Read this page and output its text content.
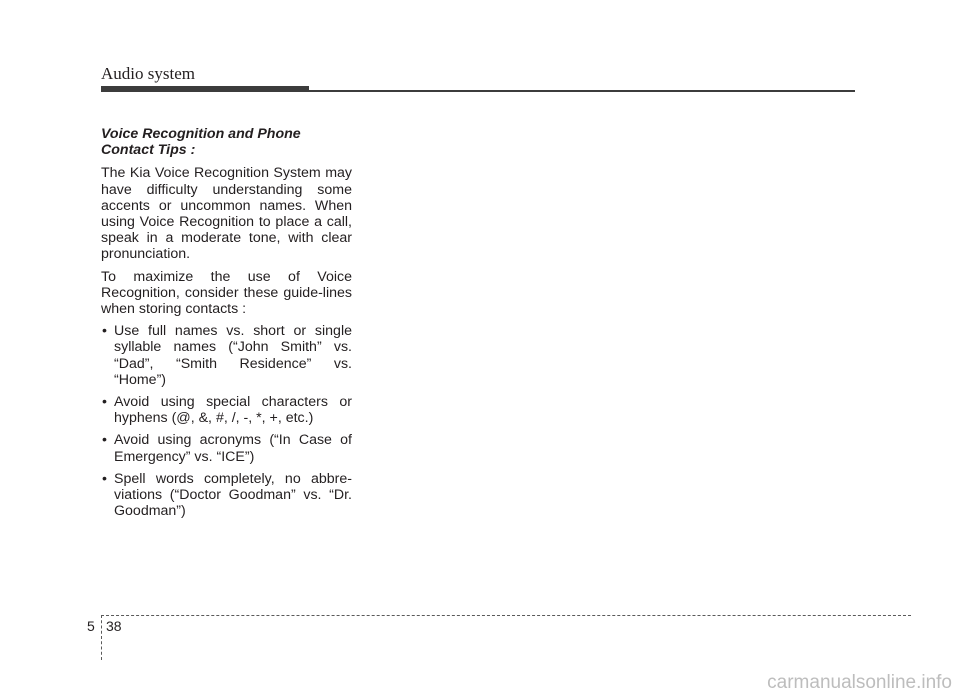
Audio system
Voice Recognition and Phone
Contact Tips :

The Kia Voice Recognition System may have difficulty understanding some accents or uncommon names. When using Voice Recognition to place a call, speak in a moderate tone, with clear pronunciation.

To maximize the use of Voice Recognition, consider these guide-lines when storing contacts :

• Use full names vs. short or single syllable names (“John Smith” vs. “Dad”, “Smith Residence” vs. “Home”)
• Avoid using special characters or hyphens (@, &, #, /, -, *, +, etc.)
• Avoid using acronyms (“In Case of Emergency” vs. “ICE”)
• Spell words completely, no abbre-viations (“Doctor Goodman” vs. “Dr. Goodman”)
5 38
carmanualsonline.info
